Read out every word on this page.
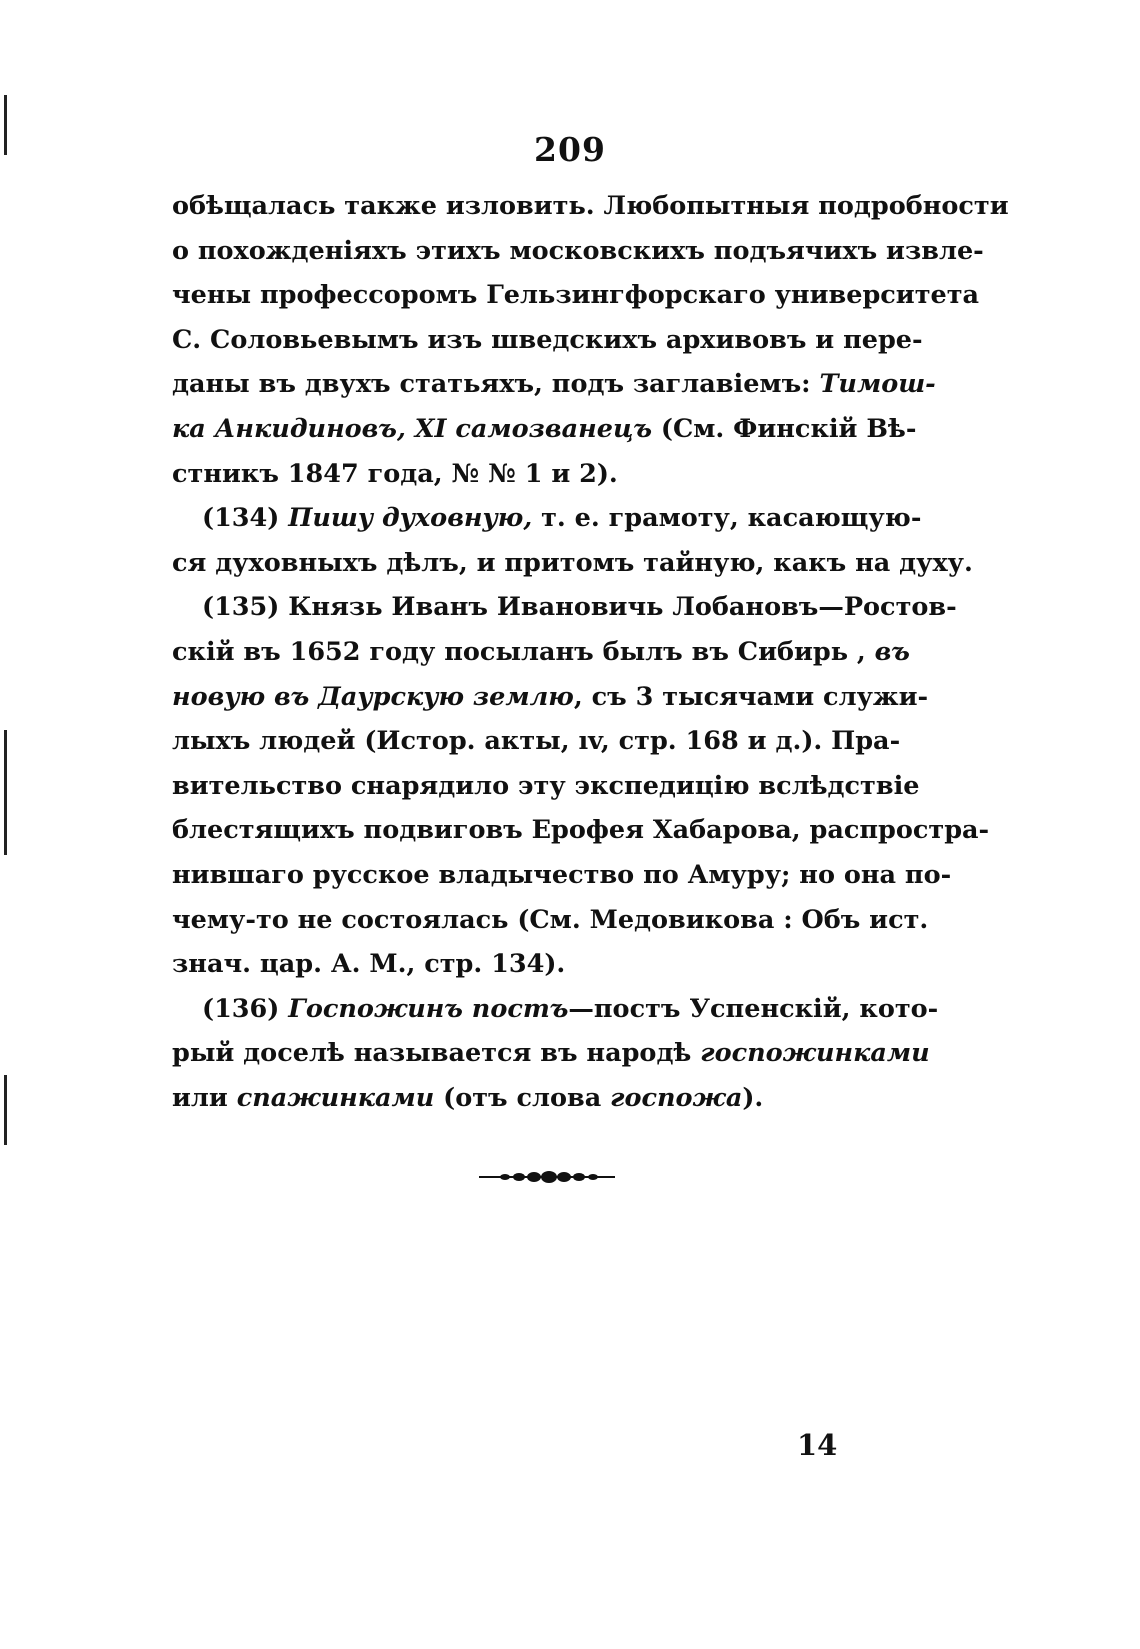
209
обѣщалась также изловить. Любопытныя подробности
о похожденіяхъ этихъ московскихъ подъячихъ извле-
чены профессоромъ Гельзингфорскаго университета
С. Соловьевымъ изъ шведскихъ архивовъ и пере-
даны въ двухъ статьяхъ, подъ заглавіемъ: Тимош-
ка Анкидиновъ, XI самозванецъ (См. Финскій Вѣ-
стникъ 1847 года, № № 1 и 2).
(134) Пишу духовную, т. е. грамоту, касающую-
ся духовныхъ дѣлъ, и притомъ тайную, какъ на духу.
(135) Князь Иванъ Ивановичь Лобановъ—Ростов-
скій въ 1652 году посыланъ былъ въ Сибирь , въ
новую въ Даурскую землю, съ 3 тысячами служи-
лыхъ людей (Истор. акты, ıv, стр. 168 и д.). Пра-
вительство снарядило эту экспедицію вслѣдствіе
блестящихъ подвиговъ Ерофея Хабарова, распростра-
нившаго русское владычество по Амуру; но она по-
чему-то не состоялась (См. Медовикова : Объ ист.
знач. цар. А. М., стр. 134).
(136) Госпожинъ постъ—постъ Успенскій, кото-
рый доселѣ называется въ народѣ госпожинками
или спажинками (отъ слова госпожа).
14
